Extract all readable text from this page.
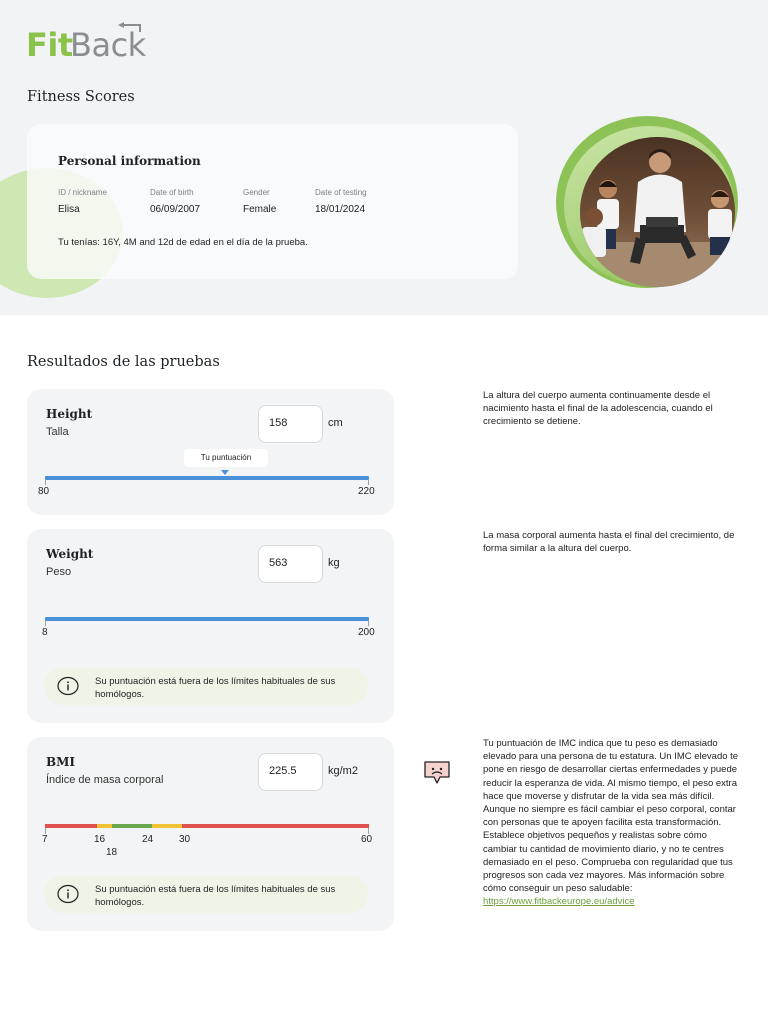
Fit
Back
Fitness Scores
Personal information
ID / nickname
Elisa
Date of birth
06/09/2007
Gender
Female
Date of testing
18/01/2024
Tu tenías: 16Y, 4M and 12d de edad en el día de la prueba.
Resultados de las pruebas
Height
Talla
158	cm
Tu puntuación
80	220
La altura del cuerpo aumenta continuamente desde el nacimiento hasta el final de la adolescencia, cuando el crecimiento se detiene.
Weight
Peso
563	kg
8	200
Su puntuación está fuera de los límites habituales de sus homólogos.
La masa corporal aumenta hasta el final del crecimiento, de forma similar a la altura del cuerpo.
BMI
Índice de masa corporal
225.5	kg/m2
7	16
18
24	30	60
Su puntuación está fuera de los límites habituales de sus homólogos.
Tu puntuación de IMC indica que tu peso es demasiado elevado para una persona de tu estatura. Un IMC elevado te pone en riesgo de desarrollar ciertas enfermedades y puede reducir la esperanza de vida. Al mismo tiempo, el peso extra hace que moverse y disfrutar de la vida sea más difícil. Aunque no siempre es fácil cambiar el peso corporal, contar con personas que te apoyen facilita esta transformación. Establece objetivos pequeños y realistas sobre cómo cambiar tu cantidad de movimiento diario, y no te centres demasiado en el peso. Comprueba con regularidad que tus progresos son cada vez mayores. Más información sobre cómo conseguir un peso saludable:
https://www.fitbackeurope.eu/advice
